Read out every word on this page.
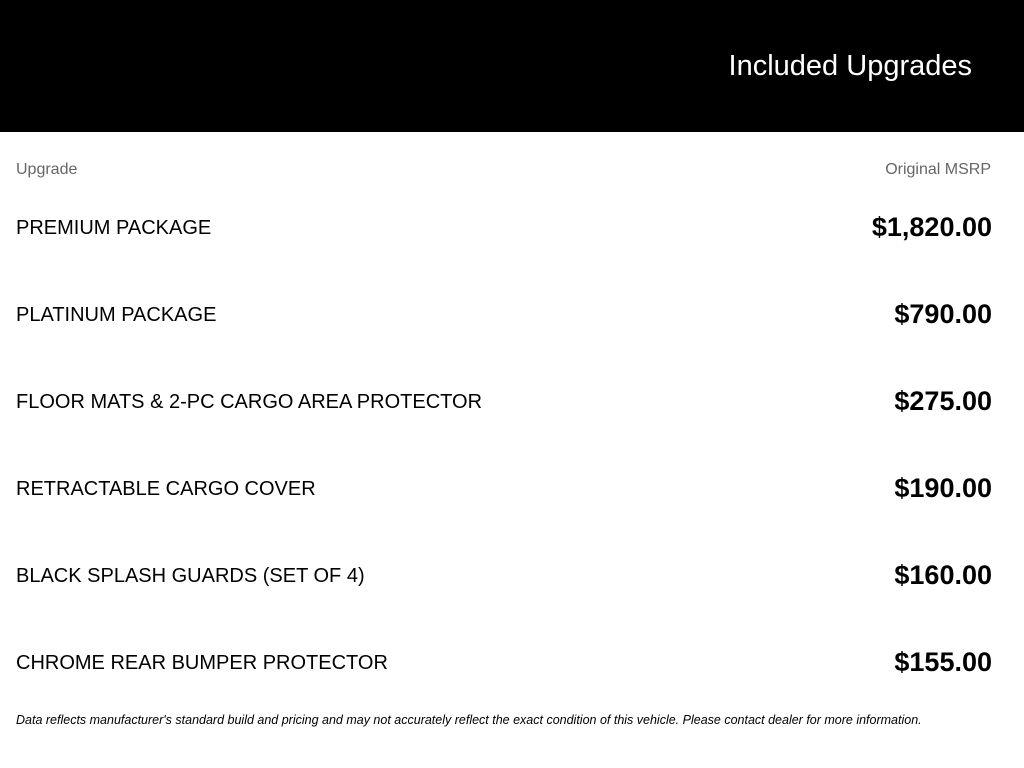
Included Upgrades
Upgrade	Original MSRP
PREMIUM PACKAGE	$1,820.00
PLATINUM PACKAGE	$790.00
FLOOR MATS & 2-PC CARGO AREA PROTECTOR	$275.00
RETRACTABLE CARGO COVER	$190.00
BLACK SPLASH GUARDS (SET OF 4)	$160.00
CHROME REAR BUMPER PROTECTOR	$155.00
Data reflects manufacturer's standard build and pricing and may not accurately reflect the exact condition of this vehicle. Please contact dealer for more information.
